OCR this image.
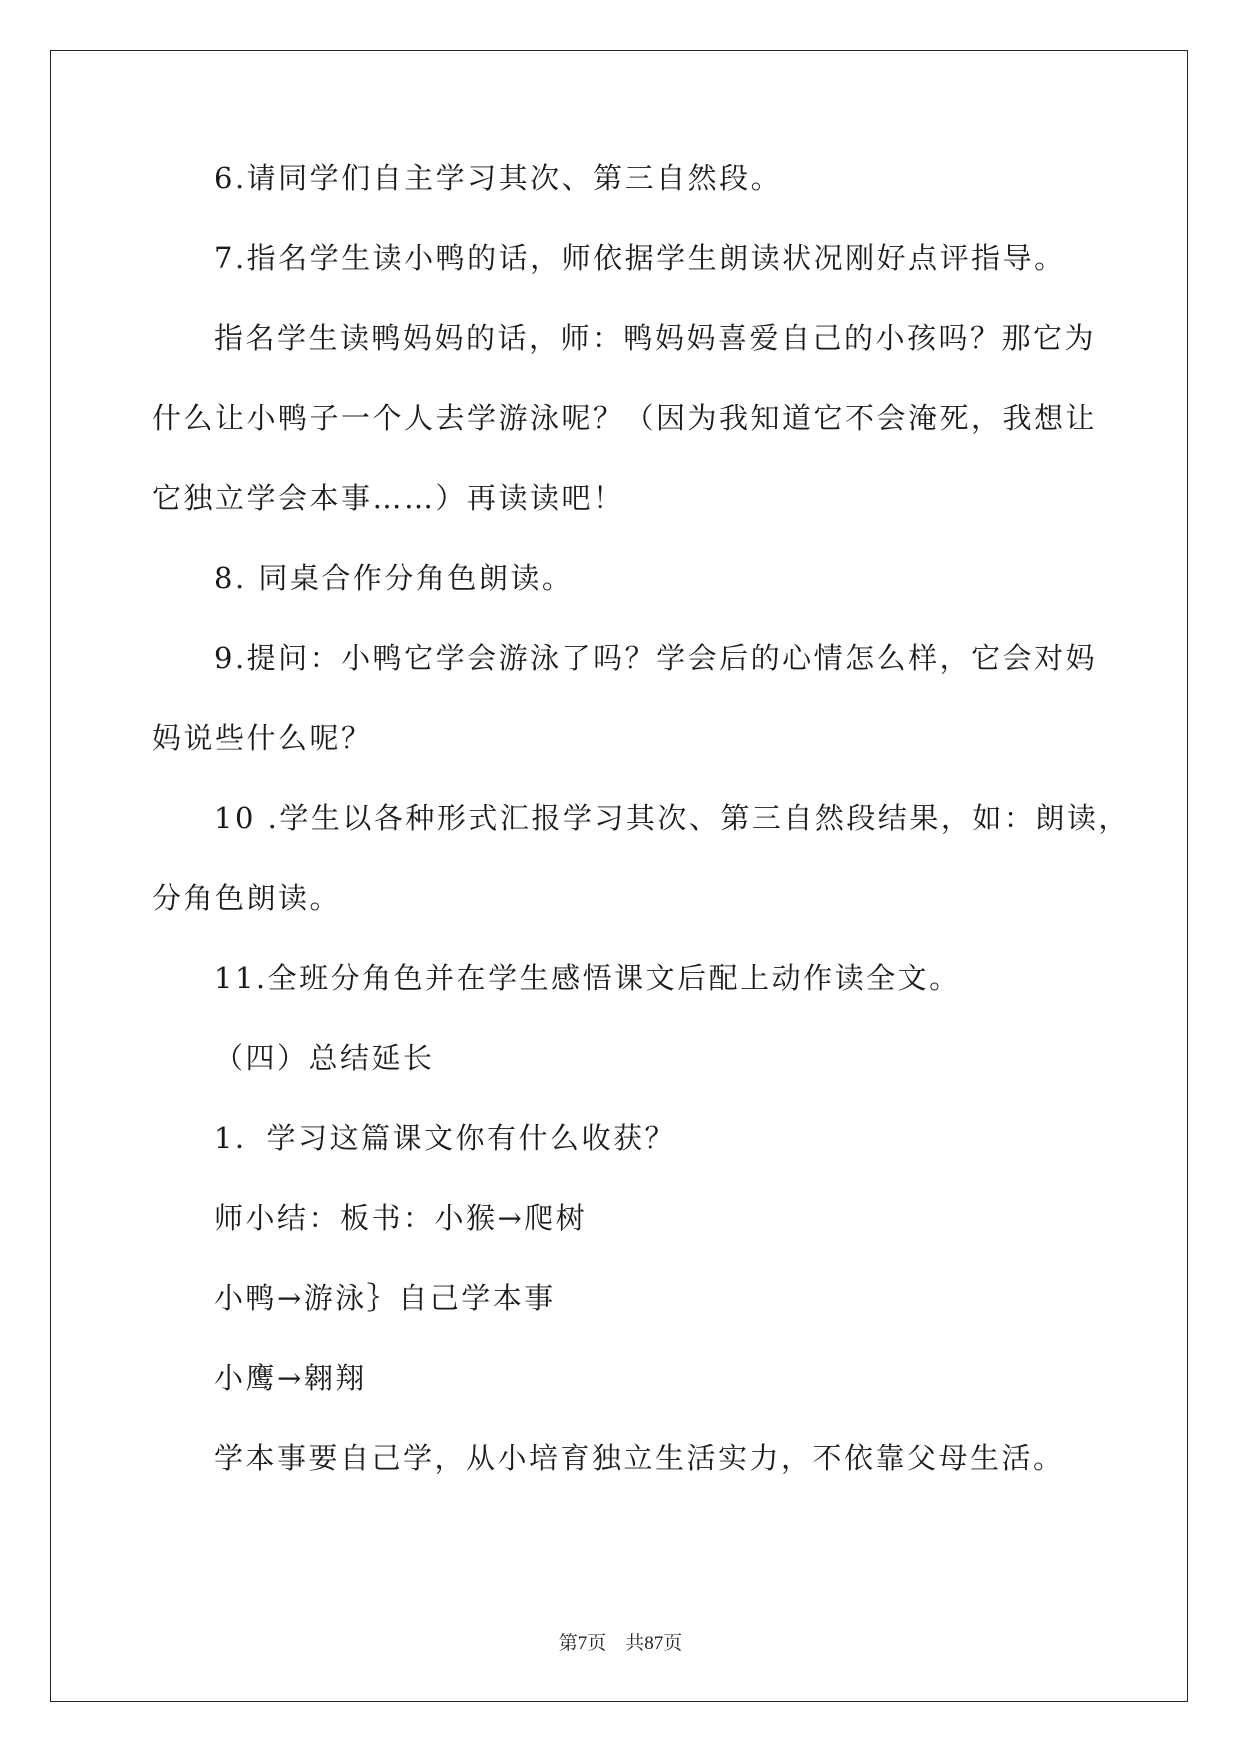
6.请同学们自主学习其次、第三自然段。
7.指名学生读小鸭的话，师依据学生朗读状况刚好点评指导。
指名学生读鸭妈妈的话，师：鸭妈妈喜爱自己的小孩吗？那它为
什么让小鸭子一个人去学游泳呢？（因为我知道它不会淹死，我想让
它独立学会本事……）再读读吧！
8. 同桌合作分角色朗读。
9.提问：小鸭它学会游泳了吗？学会后的心情怎么样，它会对妈
妈说些什么呢？
10 .学生以各种形式汇报学习其次、第三自然段结果，如：朗读，
分角色朗读。
11.全班分角色并在学生感悟课文后配上动作读全文。
（四）总结延长
1．学习这篇课文你有什么收获？
师小结：板书：小猴→爬树
小鸭→游泳｝自己学本事
小鹰→翱翔
学本事要自己学，从小培育独立生活实力，不依靠父母生活。
第7页 共87页
